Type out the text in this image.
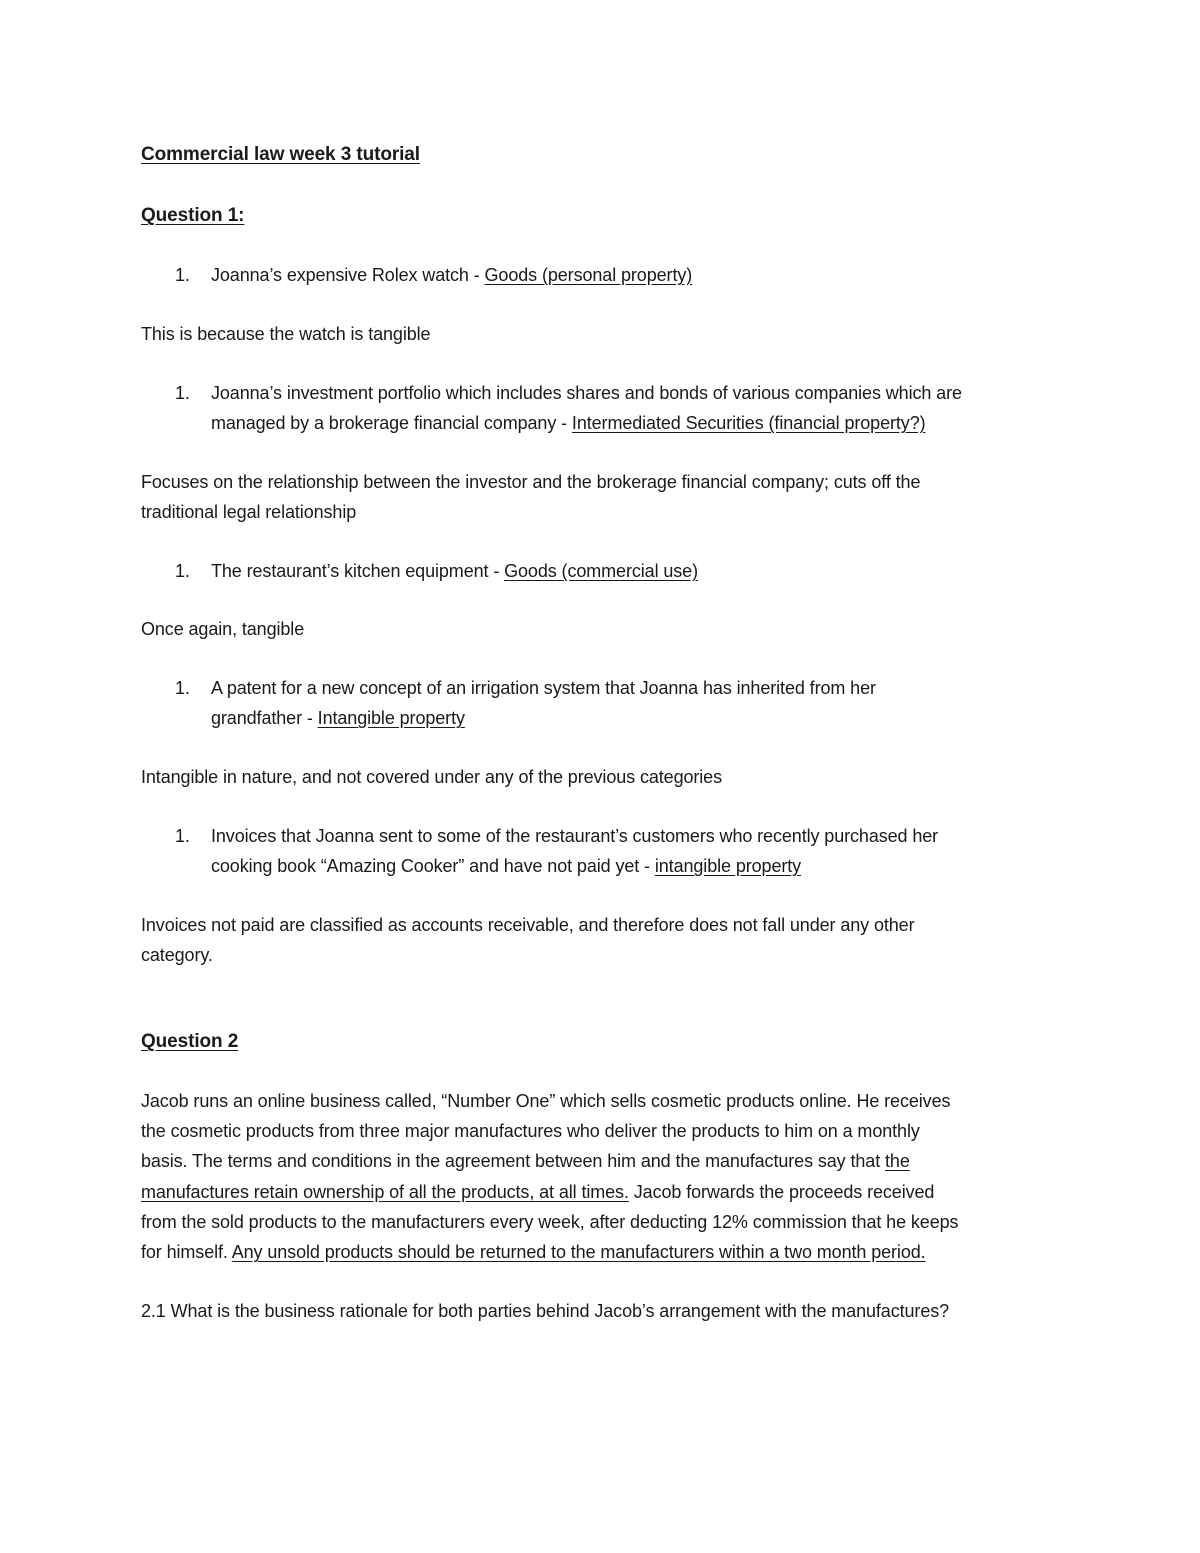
Commercial law week 3 tutorial
Question 1:
1. Joanna’s expensive Rolex watch - Goods (personal property)
This is because the watch is tangible
1. Joanna’s investment portfolio which includes shares and bonds of various companies which are
managed by a brokerage financial company - Intermediated Securities (financial property?)
Focuses on the relationship between the investor and the brokerage financial company; cuts off the
traditional legal relationship
1. The restaurant’s kitchen equipment - Goods (commercial use)
Once again, tangible
1. A patent for a new concept of an irrigation system that Joanna has inherited from her
grandfather - Intangible property
Intangible in nature, and not covered under any of the previous categories
1. Invoices that Joanna sent to some of the restaurant’s customers who recently purchased her
cooking book “Amazing Cooker” and have not paid yet - intangible property
Invoices not paid are classified as accounts receivable, and therefore does not fall under any other
category.
Question 2
Jacob runs an online business called, “Number One” which sells cosmetic products online. He receives
the cosmetic products from three major manufactures who deliver the products to him on a monthly
basis. The terms and conditions in the agreement between him and the manufactures say that the
manufactures retain ownership of all the products, at all times. Jacob forwards the proceeds received
from the sold products to the manufacturers every week, after deducting 12% commission that he keeps
for himself. Any unsold products should be returned to the manufacturers within a two month period.
2.1 What is the business rationale for both parties behind Jacob’s arrangement with the manufactures?
